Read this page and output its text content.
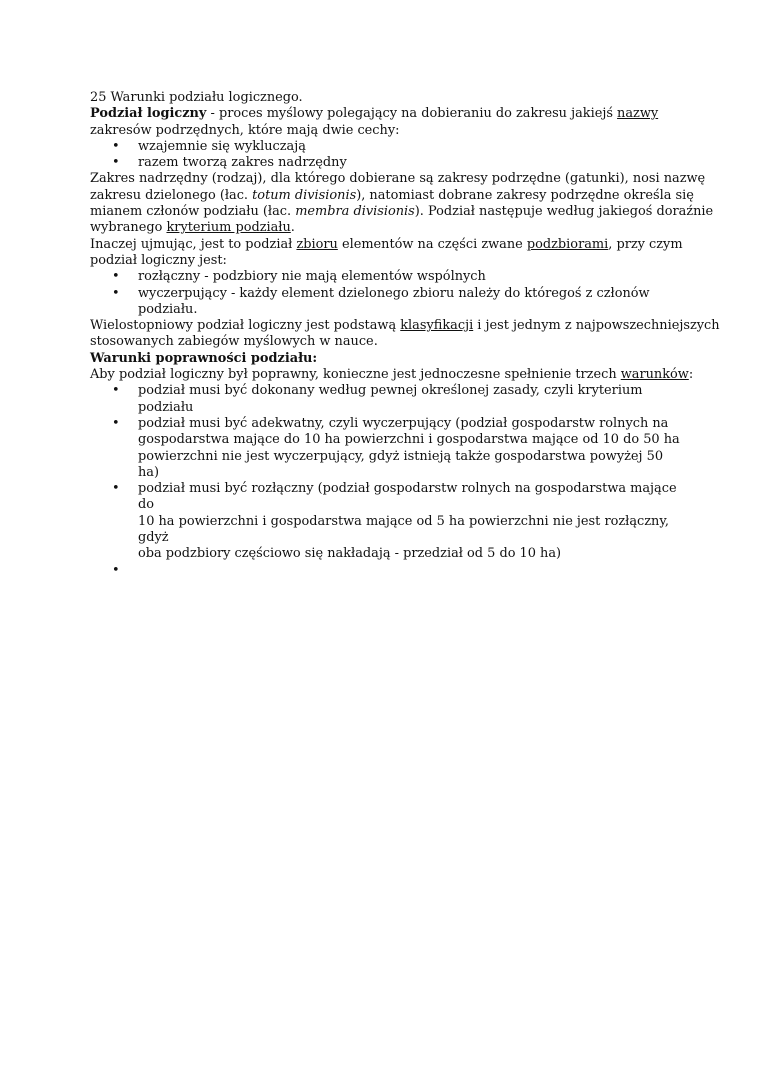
25 Warunki podziału logicznego.

Podział logiczny - proces myślowy polegający na dobieraniu do zakresu jakiejś nazwy

zakresów podrzędnych, które mają dwie cechy:

• wzajemnie się wykluczają
• razem tworzą zakres nadrzędny

Zakres nadrzędny (rodzaj), dla którego dobierane są zakresy podrzędne (gatunki), nosi nazwę

zakresu dzielonego (łac. totum divisionis), natomiast dobrane zakresy podrzędne określa się

mianem członów podziału (łac. membra divisionis). Podział następuje według jakiegoś doraźnie

wybranego kryterium podziału.

Inaczej ujmując, jest to podział zbioru elementów na części zwane podzbiorami, przy czym

podział logiczny jest:

• rozłączny - podzbiory nie mają elementów wspólnych
• wyczerpujący - każdy element dzielonego zbioru należy do któregoś z członów podziału.

Wielostopniowy podział logiczny jest podstawą klasyfikacji i jest jednym z najpowszechniejszych

stosowanych zabiegów myślowych w nauce.

Warunki poprawności podziału:

Aby podział logiczny był poprawny, konieczne jest jednoczesne spełnienie trzech warunków:

• podział musi być dokonany według pewnej określonej zasady, czyli kryterium podziału
• podział musi być adekwatny, czyli wyczerpujący (podział gospodarstw rolnych na
gospodarstwa mające do 10 ha powierzchni i gospodarstwa mające od 10 do 50 ha
powierzchni nie jest wyczerpujący, gdyż istnieją także gospodarstwa powyżej 50 ha)
• podział musi być rozłączny (podział gospodarstw rolnych na gospodarstwa mające do
10 ha powierzchni i gospodarstwa mające od 5 ha powierzchni nie jest rozłączny, gdyż
oba podzbiory częściowo się nakładają - przedział od 5 do 10 ha)
•
